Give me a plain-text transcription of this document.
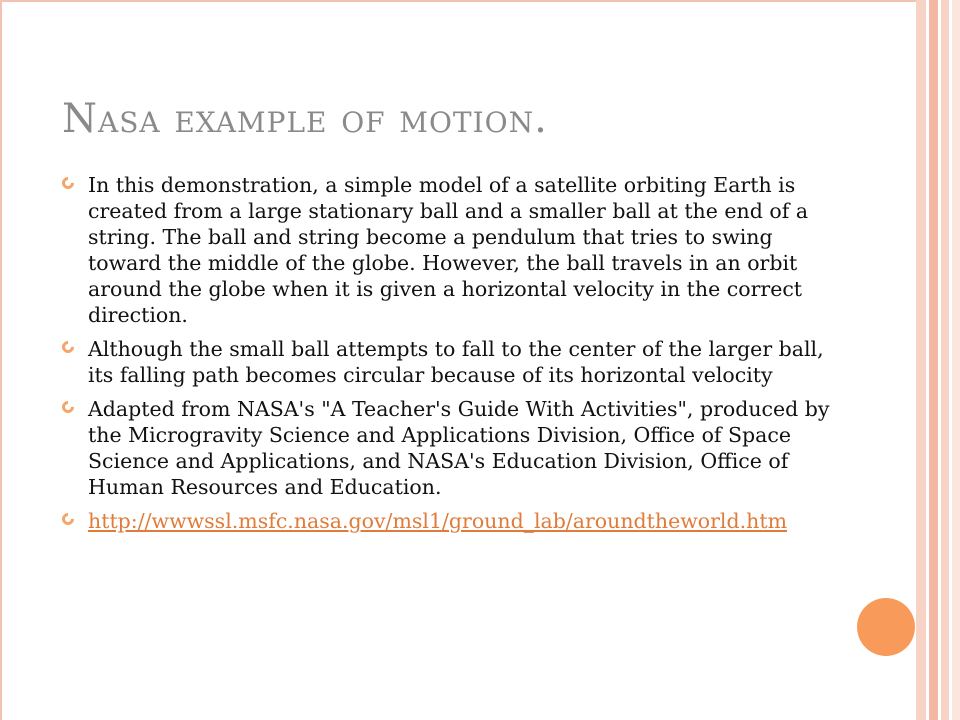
Nasa example of motion.
In this demonstration, a simple model of a satellite orbiting Earth is created from a large stationary ball and a smaller ball at the end of a string. The ball and string become a pendulum that tries to swing toward the middle of the globe. However, the ball travels in an orbit around the globe when it is given a horizontal velocity in the correct direction.
Although the small ball attempts to fall to the center of the larger ball, its falling path becomes circular because of its horizontal velocity
Adapted from NASA's "A Teacher's Guide With Activities", produced by the Microgravity Science and Applications Division, Office of Space Science and Applications, and NASA's Education Division, Office of Human Resources and Education.
http://wwwssl.msfc.nasa.gov/msl1/ground_lab/aroundtheworld.htm
